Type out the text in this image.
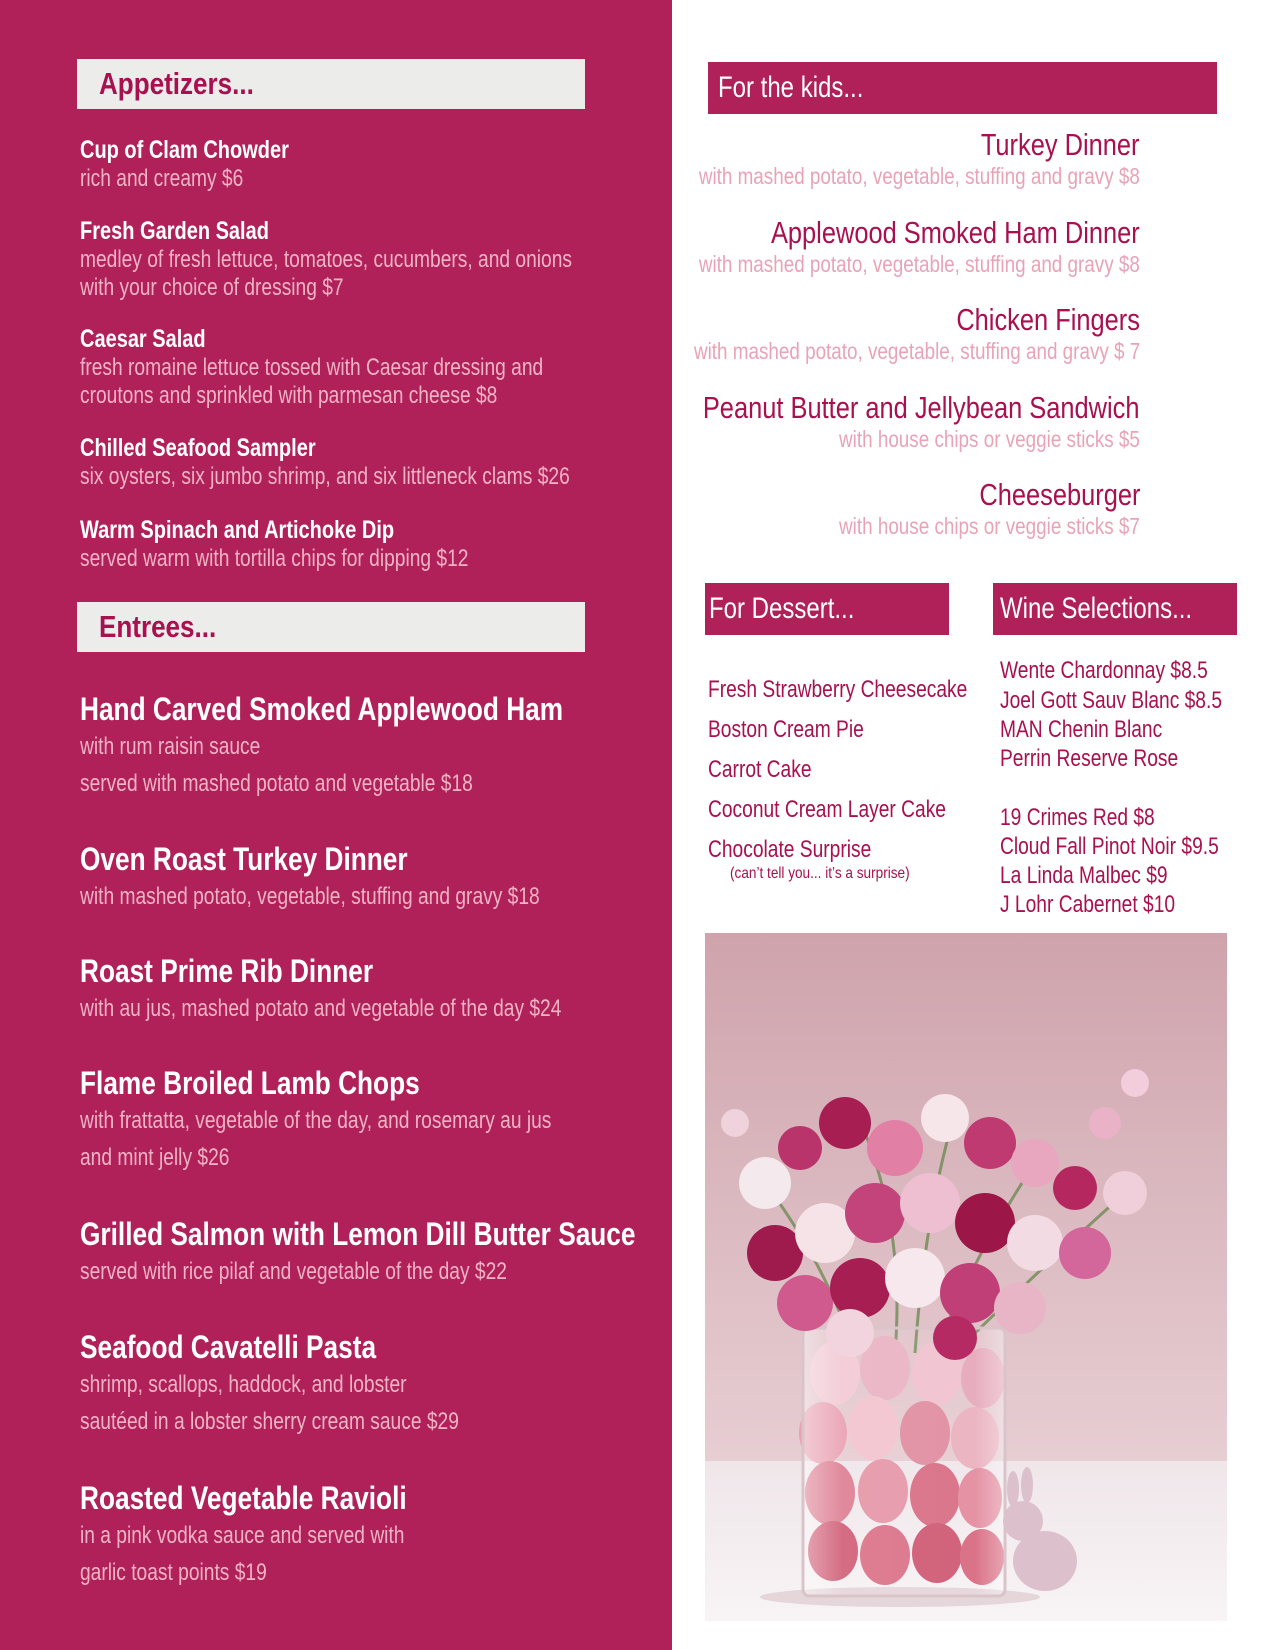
Appetizers...
Cup of Clam Chowder
rich and creamy $6
Fresh Garden Salad
medley of fresh lettuce, tomatoes, cucumbers, and onions
with your choice of dressing $7
Caesar Salad
fresh romaine lettuce tossed with Caesar dressing and
croutons and sprinkled with parmesan cheese $8
Chilled Seafood Sampler
six oysters, six jumbo shrimp, and six littleneck clams $26
Warm Spinach and Artichoke Dip
served warm with tortilla chips for dipping $12
Entrees...
Hand Carved Smoked Applewood Ham
with rum raisin sauce
served with mashed potato and vegetable $18
Oven Roast Turkey Dinner
with mashed potato, vegetable, stuffing and gravy $18
Roast Prime Rib Dinner
with au jus, mashed potato and vegetable of the day $24
Flame Broiled Lamb Chops
with frattatta, vegetable of the day, and rosemary au jus
and mint jelly $26
Grilled Salmon with Lemon Dill Butter Sauce
served with rice pilaf and vegetable of the day $22
Seafood Cavatelli Pasta
shrimp, scallops, haddock, and lobster
sautéed in a lobster sherry cream sauce $29
Roasted Vegetable Ravioli
in a pink vodka sauce and served with
garlic toast points $19
For the kids...
Turkey Dinner
with mashed potato, vegetable, stuffing and gravy $8
Applewood Smoked Ham Dinner
with mashed potato, vegetable, stuffing and gravy $8
Chicken Fingers
with mashed potato, vegetable, stuffing and gravy $ 7
Peanut Butter and Jellybean Sandwich
with house chips or veggie sticks $5
Cheeseburger
with house chips or veggie sticks $7
For Dessert...
Fresh Strawberry Cheesecake
Boston Cream Pie
Carrot Cake
Coconut Cream Layer Cake
Chocolate Surprise
(can’t tell you... it’s a surprise)
Wine Selections...
Wente Chardonnay $8.5
Joel Gott Sauv Blanc $8.5
MAN Chenin Blanc
Perrin Reserve Rose
19 Crimes Red $8
Cloud Fall Pinot Noir $9.5
La Linda Malbec $9
J Lohr Cabernet $10
